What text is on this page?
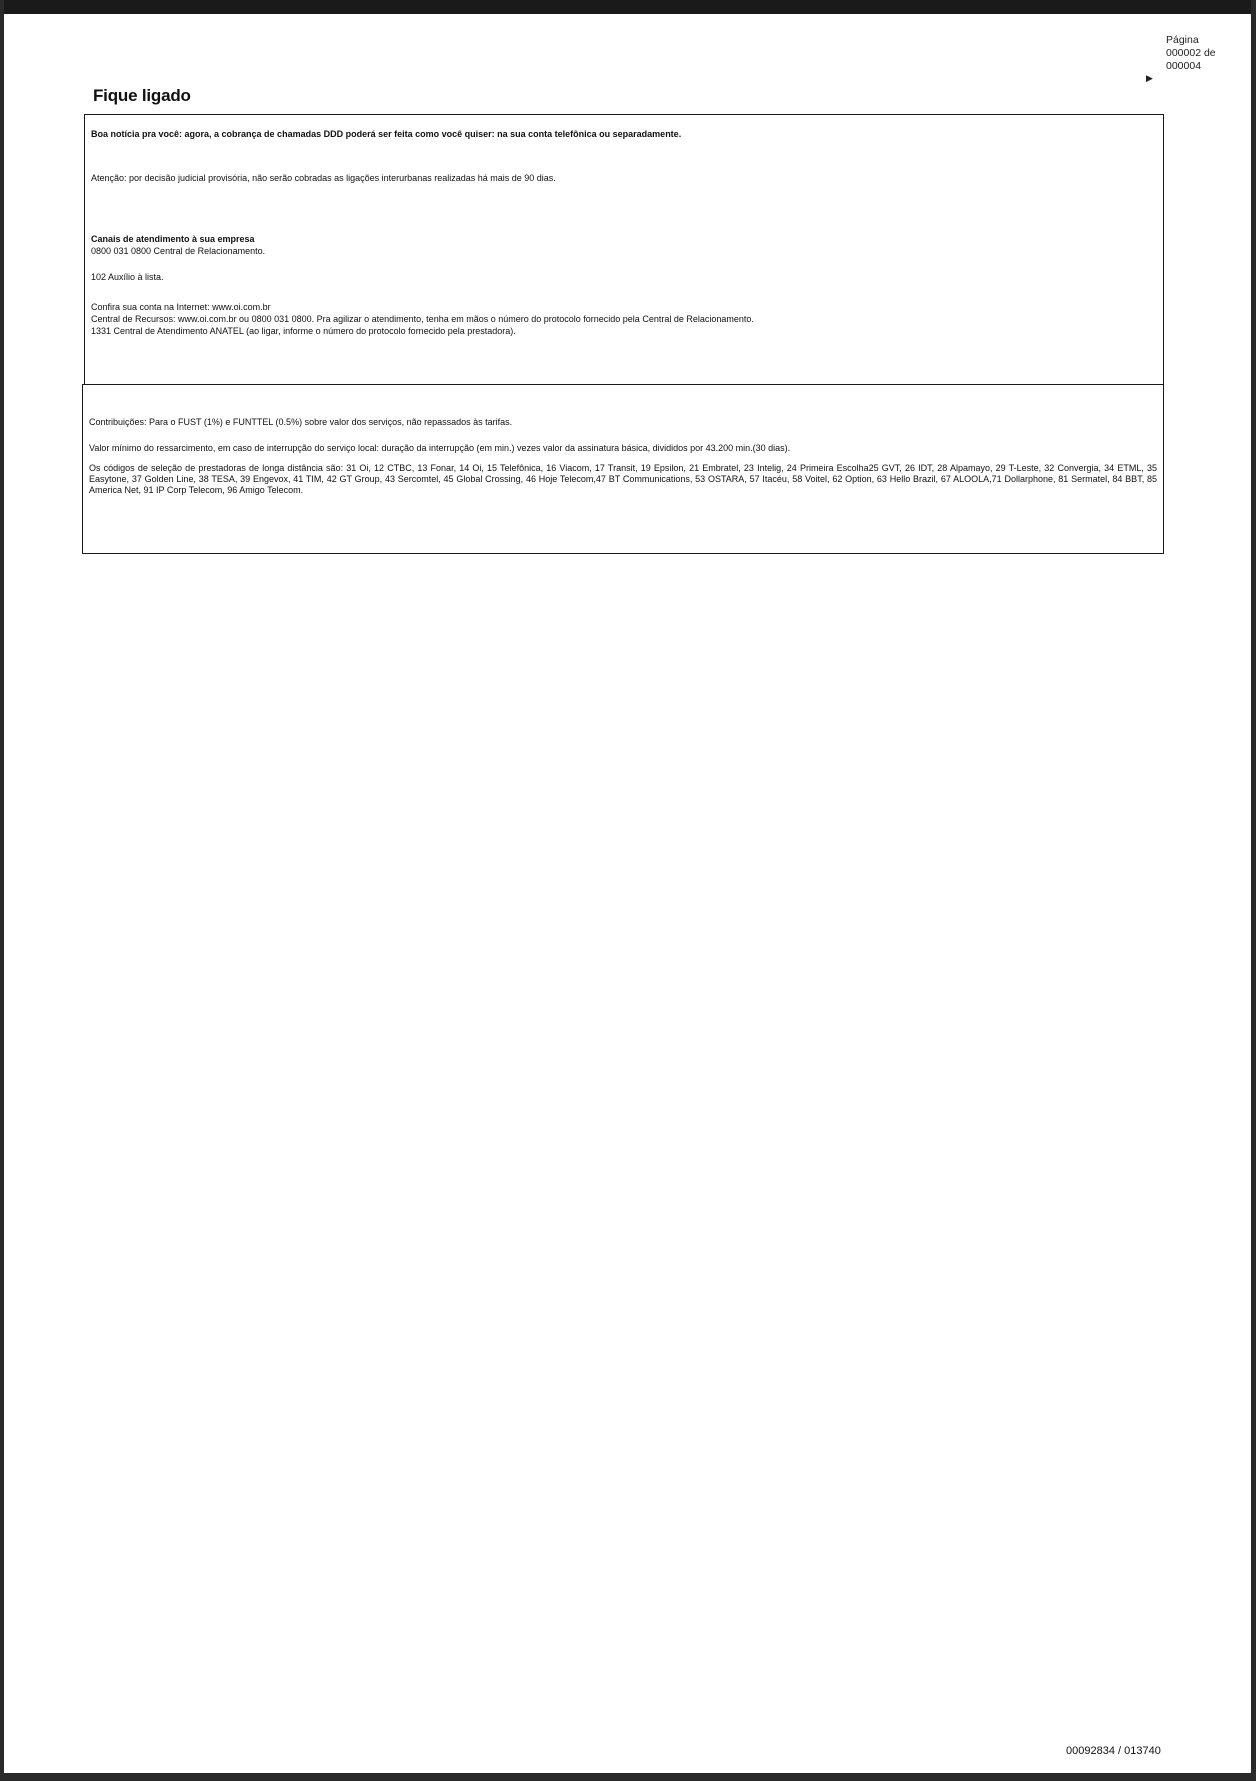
Página
000002 de
000004
▶
Fique ligado
Boa notícia pra você: agora, a cobrança de chamadas DDD poderá ser feita como você quiser: na sua conta telefônica ou separadamente.
Atenção: por decisão judicial provisória, não serão cobradas as ligações interurbanas realizadas há mais de 90 dias.
Canais de atendimento à sua empresa
0800 031 0800 Central de Relacionamento.
102 Auxílio à lista.
Confira sua conta na Internet: www.oi.com.br
Central de Recursos: www.oi.com.br ou 0800 031 0800. Pra agilizar o atendimento, tenha em mãos o número do protocolo fornecido pela Central de Relacionamento.
1331 Central de Atendimento ANATEL (ao ligar, informe o número do protocolo fornecido pela prestadora).
Contribuições: Para o FUST (1%) e FUNTTEL (0.5%) sobre valor dos serviços, não repassados às tarifas.
Valor mínimo do ressarcimento, em caso de interrupção do serviço local: duração da interrupção (em min.) vezes valor da assinatura básica, divididos por 43.200 min.(30 dias).
Os códigos de seleção de prestadoras de longa distância são: 31 Oi, 12 CTBC, 13 Fonar, 14 Oi, 15 Telefônica, 16 Viacom, 17 Transit, 19 Epsilon, 21 Embratel, 23 Intelig, 24 Primeira Escolha25 GVT, 26 IDT, 28 Alpamayo, 29 T-Leste, 32 Convergia, 34 ETML, 35 Easytone, 37 Golden Line, 38 TESA, 39 Engevox, 41 TIM, 42 GT Group, 43 Sercomtel, 45 Global Crossing, 46 Hoje Telecom,47 BT Communications, 53 OSTARA, 57 Itacéu, 58 Voitel, 62 Option, 63 Hello Brazil, 67 ALOOLA,71 Dollarphone, 81 Sermatel, 84 BBT, 85 America Net, 91 IP Corp Telecom, 96 Amigo Telecom.
00092834 / 013740
